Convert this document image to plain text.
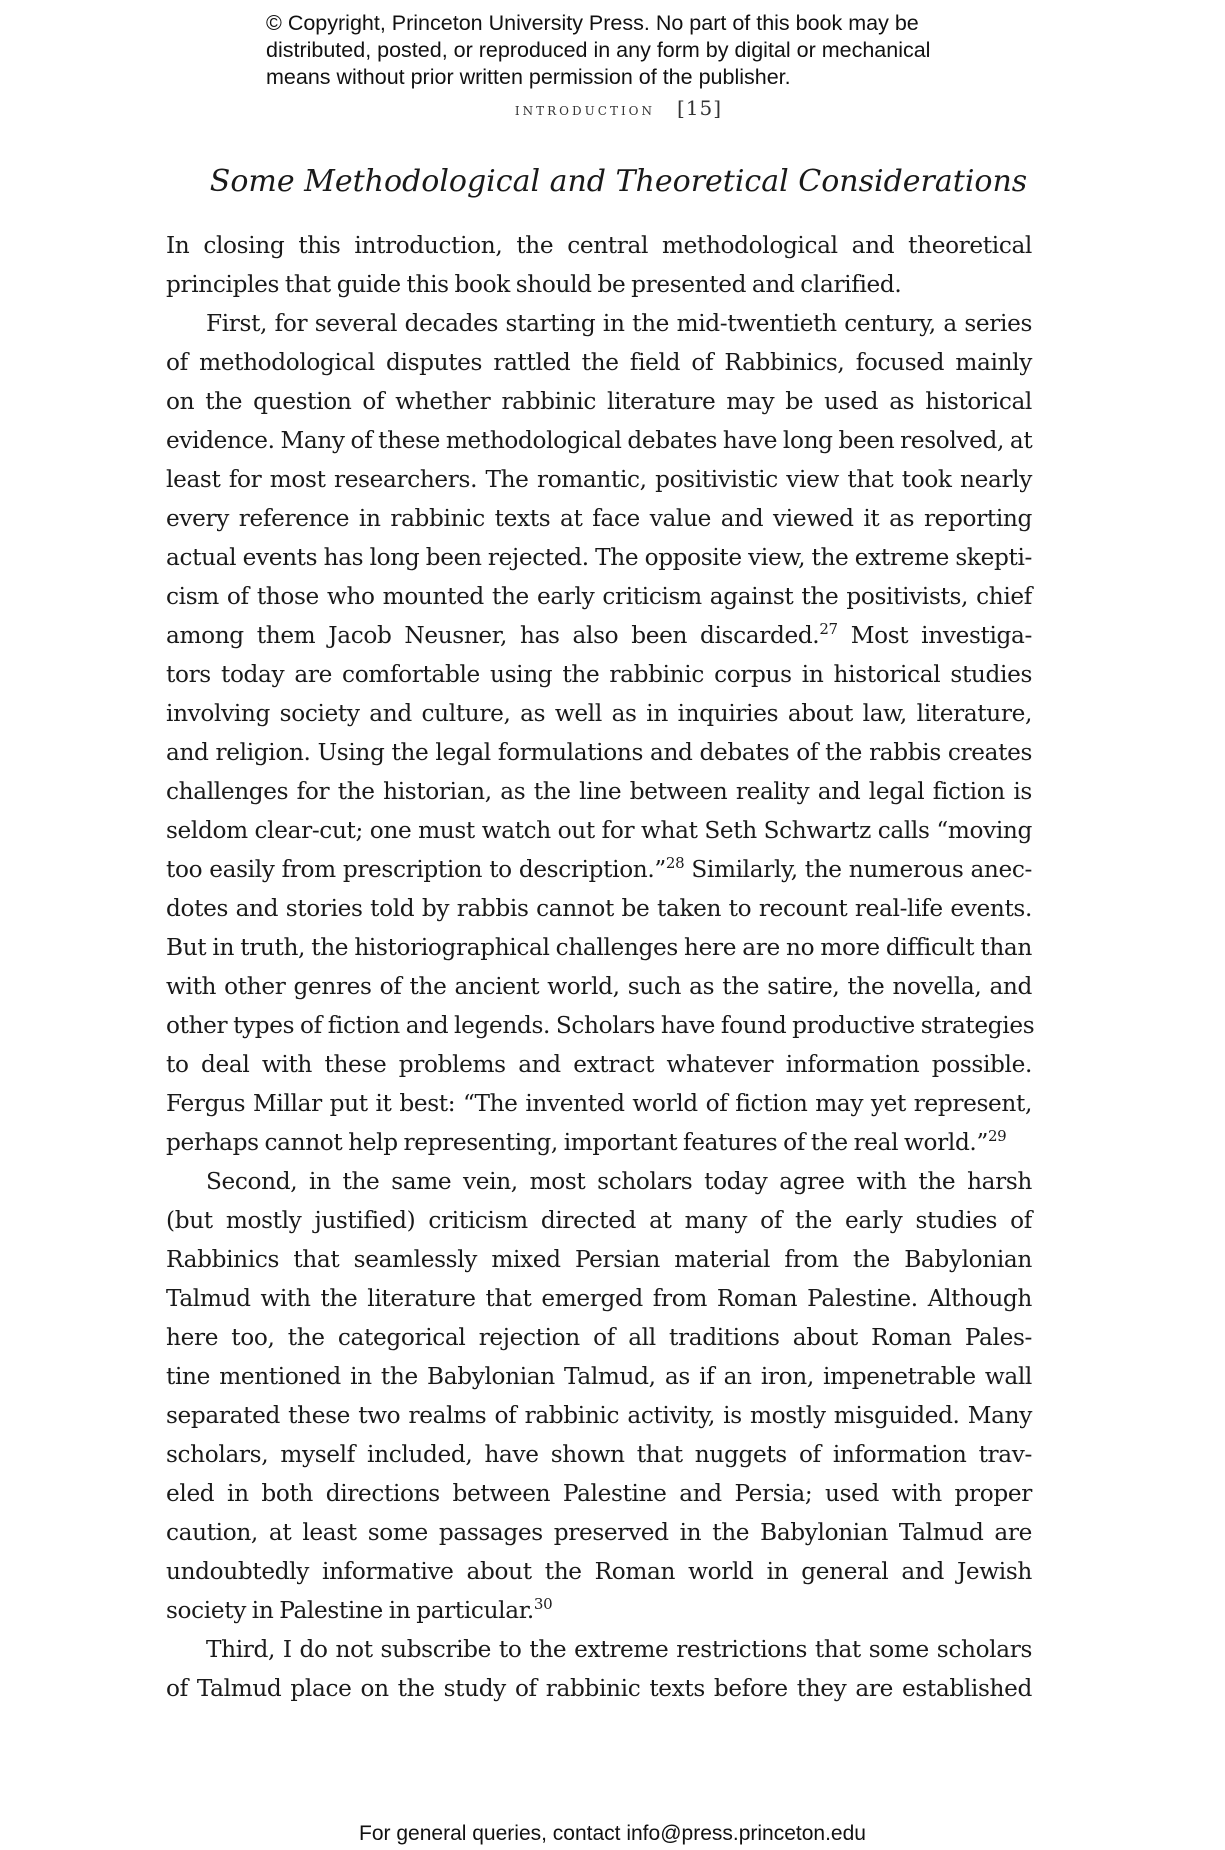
© Copyright, Princeton University Press. No part of this book may be
distributed, posted, or reproduced in any form by digital or mechanical
means without prior written permission of the publisher.
introduction [15]
Some Methodological and Theoretical Considerations
In closing this introduction, the central methodological and theoretical
principles that guide this book should be presented and clarified.
First, for several decades starting in the mid-twentieth century, a series
of methodological disputes rattled the field of Rabbinics, focused mainly
on the question of whether rabbinic literature may be used as historical
evidence. Many of these methodological debates have long been resolved, at
least for most researchers. The romantic, positivistic view that took nearly
every reference in rabbinic texts at face value and viewed it as reporting
actual events has long been rejected. The opposite view, the extreme skepti-
cism of those who mounted the early criticism against the positivists, chief
among them Jacob Neusner, has also been discarded.$^{27}$ Most investiga-
tors today are comfortable using the rabbinic corpus in historical studies
involving society and culture, as well as in inquiries about law, literature,
and religion. Using the legal formulations and debates of the rabbis creates
challenges for the historian, as the line between reality and legal fiction is
seldom clear-cut; one must watch out for what Seth Schwartz calls “moving
too easily from prescription to description.”$^{28}$ Similarly, the numerous anec-
dotes and stories told by rabbis cannot be taken to recount real-life events.
But in truth, the historiographical challenges here are no more difficult than
with other genres of the ancient world, such as the satire, the novella, and
other types of fiction and legends. Scholars have found productive strategies
to deal with these problems and extract whatever information possible.
Fergus Millar put it best: “The invented world of fiction may yet represent,
perhaps cannot help representing, important features of the real world.”$^{29}$
Second, in the same vein, most scholars today agree with the harsh
(but mostly justified) criticism directed at many of the early studies of
Rabbinics that seamlessly mixed Persian material from the Babylonian
Talmud with the literature that emerged from Roman Palestine. Although
here too, the categorical rejection of all traditions about Roman Pales-
tine mentioned in the Babylonian Talmud, as if an iron, impenetrable wall
separated these two realms of rabbinic activity, is mostly misguided. Many
scholars, myself included, have shown that nuggets of information trav-
eled in both directions between Palestine and Persia; used with proper
caution, at least some passages preserved in the Babylonian Talmud are
undoubtedly informative about the Roman world in general and Jewish
society in Palestine in particular.$^{30}$
Third, I do not subscribe to the extreme restrictions that some scholars
of Talmud place on the study of rabbinic texts before they are established
For general queries, contact info@press.princeton.edu
